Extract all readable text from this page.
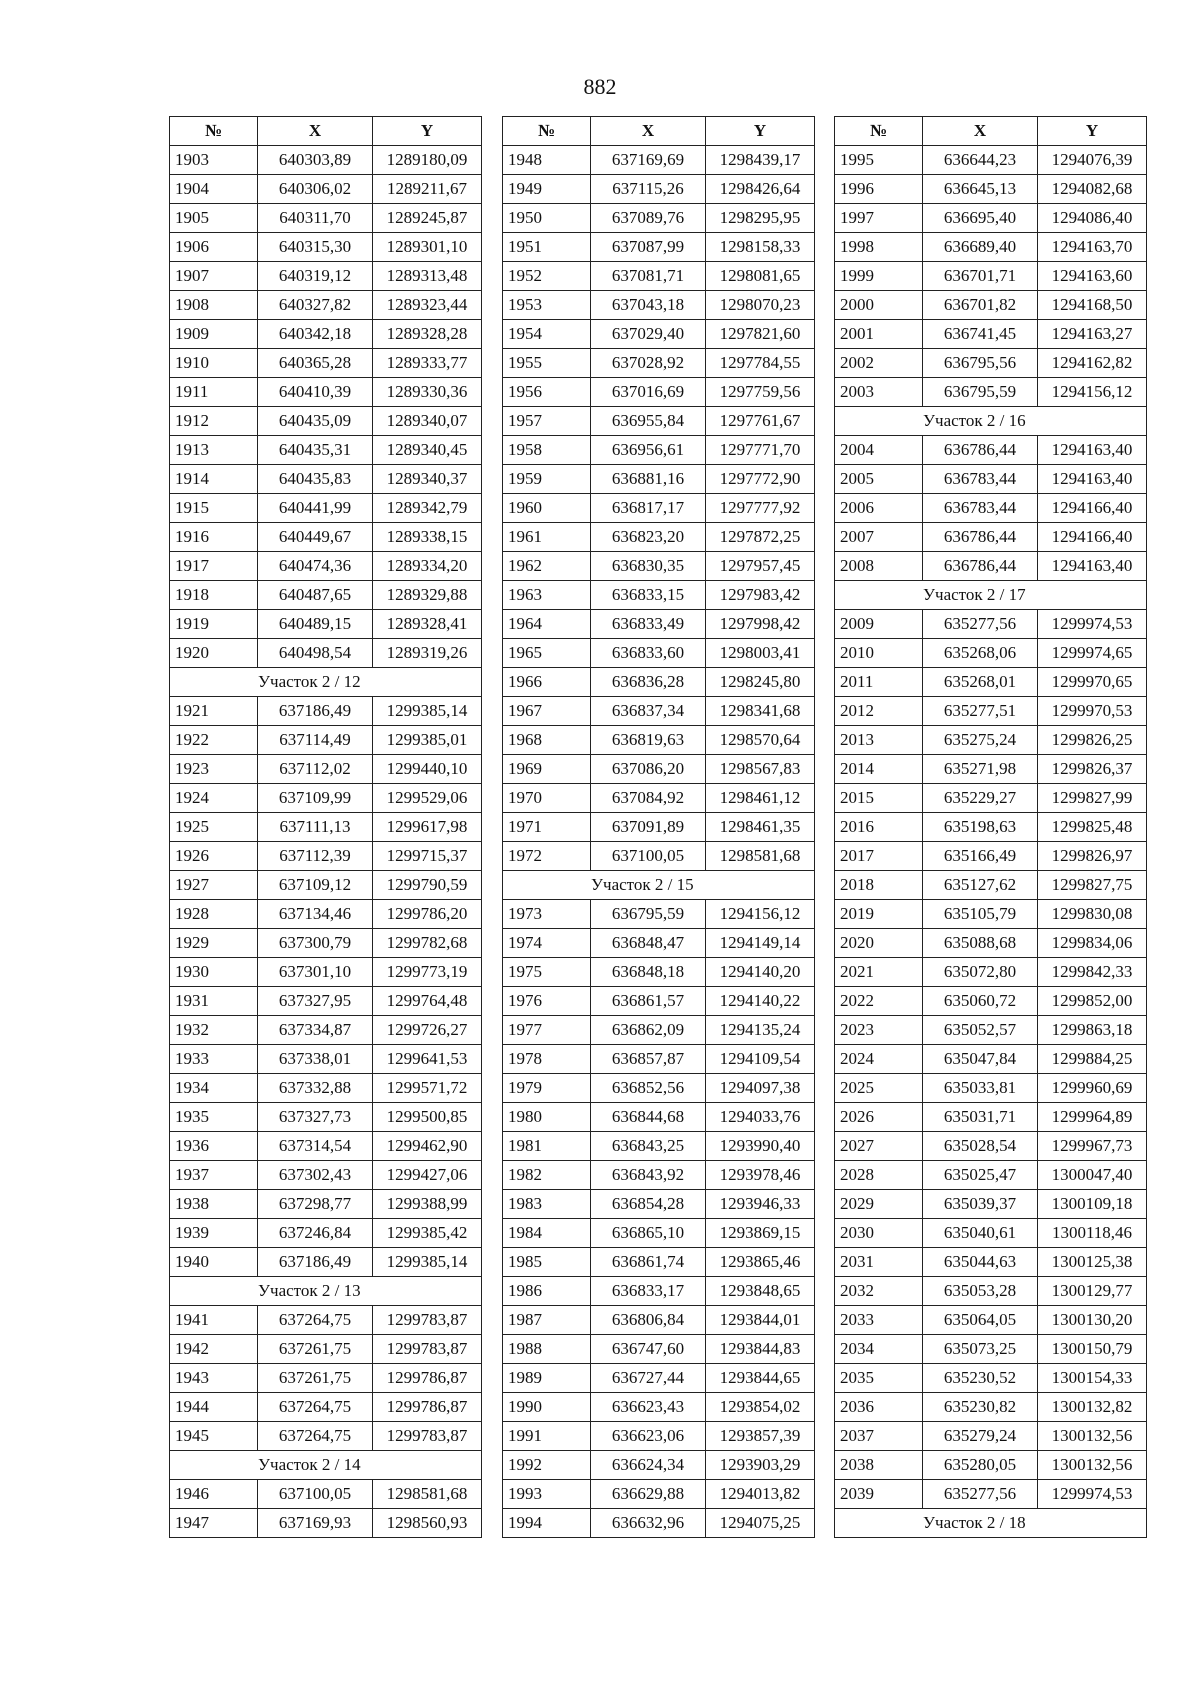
882
№	X	Y
1903	640303,89	1289180,09
1904	640306,02	1289211,67
1905	640311,70	1289245,87
1906	640315,30	1289301,10
1907	640319,12	1289313,48
1908	640327,82	1289323,44
1909	640342,18	1289328,28
1910	640365,28	1289333,77
1911	640410,39	1289330,36
1912	640435,09	1289340,07
1913	640435,31	1289340,45
1914	640435,83	1289340,37
1915	640441,99	1289342,79
1916	640449,67	1289338,15
1917	640474,36	1289334,20
1918	640487,65	1289329,88
1919	640489,15	1289328,41
1920	640498,54	1289319,26
Участок 2 / 12		
1921	637186,49	1299385,14
1922	637114,49	1299385,01
1923	637112,02	1299440,10
1924	637109,99	1299529,06
1925	637111,13	1299617,98
1926	637112,39	1299715,37
1927	637109,12	1299790,59
1928	637134,46	1299786,20
1929	637300,79	1299782,68
1930	637301,10	1299773,19
1931	637327,95	1299764,48
1932	637334,87	1299726,27
1933	637338,01	1299641,53
1934	637332,88	1299571,72
1935	637327,73	1299500,85
1936	637314,54	1299462,90
1937	637302,43	1299427,06
1938	637298,77	1299388,99
1939	637246,84	1299385,42
1940	637186,49	1299385,14
Участок 2 / 13		
1941	637264,75	1299783,87
1942	637261,75	1299783,87
1943	637261,75	1299786,87
1944	637264,75	1299786,87
1945	637264,75	1299783,87
Участок 2 / 14		
1946	637100,05	1298581,68
1947	637169,93	1298560,93
№	X	Y
1948	637169,69	1298439,17
1949	637115,26	1298426,64
1950	637089,76	1298295,95
1951	637087,99	1298158,33
1952	637081,71	1298081,65
1953	637043,18	1298070,23
1954	637029,40	1297821,60
1955	637028,92	1297784,55
1956	637016,69	1297759,56
1957	636955,84	1297761,67
1958	636956,61	1297771,70
1959	636881,16	1297772,90
1960	636817,17	1297777,92
1961	636823,20	1297872,25
1962	636830,35	1297957,45
1963	636833,15	1297983,42
1964	636833,49	1297998,42
1965	636833,60	1298003,41
1966	636836,28	1298245,80
1967	636837,34	1298341,68
1968	636819,63	1298570,64
1969	637086,20	1298567,83
1970	637084,92	1298461,12
1971	637091,89	1298461,35
1972	637100,05	1298581,68
Участок 2 / 15		
1973	636795,59	1294156,12
1974	636848,47	1294149,14
1975	636848,18	1294140,20
1976	636861,57	1294140,22
1977	636862,09	1294135,24
1978	636857,87	1294109,54
1979	636852,56	1294097,38
1980	636844,68	1294033,76
1981	636843,25	1293990,40
1982	636843,92	1293978,46
1983	636854,28	1293946,33
1984	636865,10	1293869,15
1985	636861,74	1293865,46
1986	636833,17	1293848,65
1987	636806,84	1293844,01
1988	636747,60	1293844,83
1989	636727,44	1293844,65
1990	636623,43	1293854,02
1991	636623,06	1293857,39
1992	636624,34	1293903,29
1993	636629,88	1294013,82
1994	636632,96	1294075,25
№	X	Y
1995	636644,23	1294076,39
1996	636645,13	1294082,68
1997	636695,40	1294086,40
1998	636689,40	1294163,70
1999	636701,71	1294163,60
2000	636701,82	1294168,50
2001	636741,45	1294163,27
2002	636795,56	1294162,82
2003	636795,59	1294156,12
Участок 2 / 16		
2004	636786,44	1294163,40
2005	636783,44	1294163,40
2006	636783,44	1294166,40
2007	636786,44	1294166,40
2008	636786,44	1294163,40
Участок 2 / 17		
2009	635277,56	1299974,53
2010	635268,06	1299974,65
2011	635268,01	1299970,65
2012	635277,51	1299970,53
2013	635275,24	1299826,25
2014	635271,98	1299826,37
2015	635229,27	1299827,99
2016	635198,63	1299825,48
2017	635166,49	1299826,97
2018	635127,62	1299827,75
2019	635105,79	1299830,08
2020	635088,68	1299834,06
2021	635072,80	1299842,33
2022	635060,72	1299852,00
2023	635052,57	1299863,18
2024	635047,84	1299884,25
2025	635033,81	1299960,69
2026	635031,71	1299964,89
2027	635028,54	1299967,73
2028	635025,47	1300047,40
2029	635039,37	1300109,18
2030	635040,61	1300118,46
2031	635044,63	1300125,38
2032	635053,28	1300129,77
2033	635064,05	1300130,20
2034	635073,25	1300150,79
2035	635230,52	1300154,33
2036	635230,82	1300132,82
2037	635279,24	1300132,56
2038	635280,05	1300132,56
2039	635277,56	1299974,53
Участок 2 / 18		
